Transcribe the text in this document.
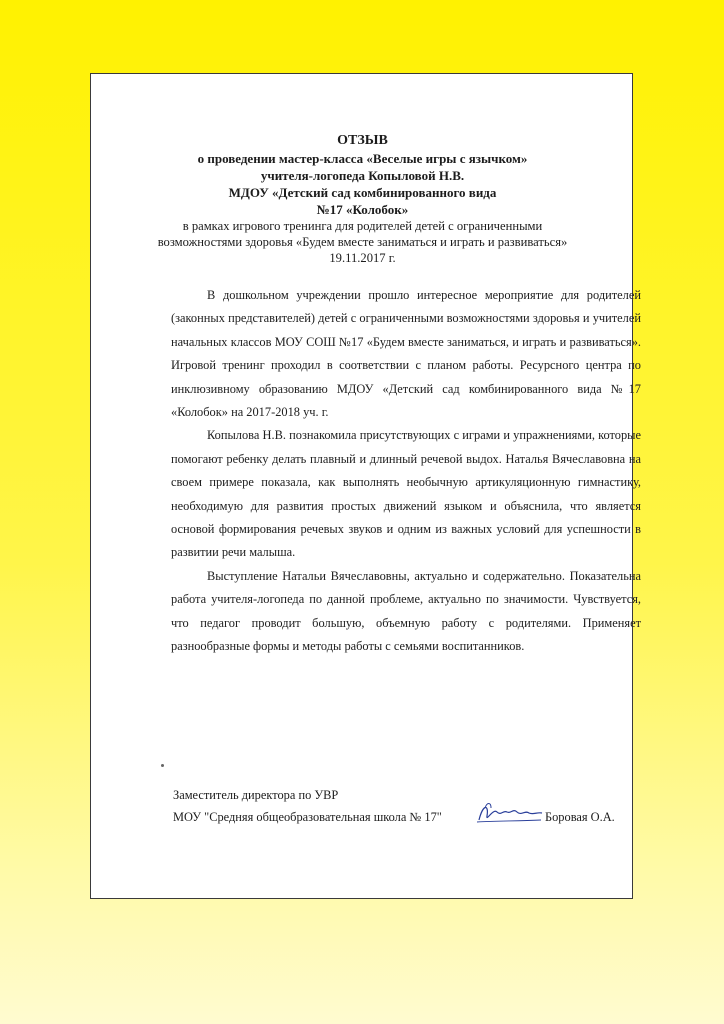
ОТЗЫВ
о проведении мастер-класса «Веселые игры с язычком»
учителя-логопеда Копыловой Н.В.
МДОУ «Детский сад комбинированного вида
№17 «Колобок»
в рамках игрового тренинга для родителей детей с ограниченными
возможностями здоровья «Будем вместе заниматься и играть и развиваться»
19.11.2017 г.

В дошкольном учреждении прошло интересное мероприятие для родителей (законных представителей) детей с ограниченными возможностями здоровья и учителей начальных классов МОУ СОШ №17 «Будем вместе заниматься, и играть и развиваться». Игровой тренинг проходил в соответствии с планом работы. Ресурсного центра по инклюзивному образованию МДОУ «Детский сад комбинированного вида №17 «Колобок» на 2017-2018 уч. г.

Копылова Н.В. познакомила присутствующих с играми и упражнениями, которые помогают ребенку делать плавный и длинный речевой выдох. Наталья Вячеславовна на своем примере показала, как выполнять необычную артикуляционную гимнастику, необходимую для развития простых движений языком и объяснила, что является основой формирования речевых звуков и одним из важных условий для успешности в развитии речи малыша.

Выступление Натальи Вячеславовны, актуально и содержательно. Показательна работа учителя-логопеда по данной проблеме, актуально по значимости. Чувствуется, что педагог проводит большую, объемную работу с родителями. Применяет разнообразные формы и методы работы с семьями воспитанников.

Заместитель директора по УВР
МОУ "Средняя общеобразовательная школа № 17"	Боровая О.А.
